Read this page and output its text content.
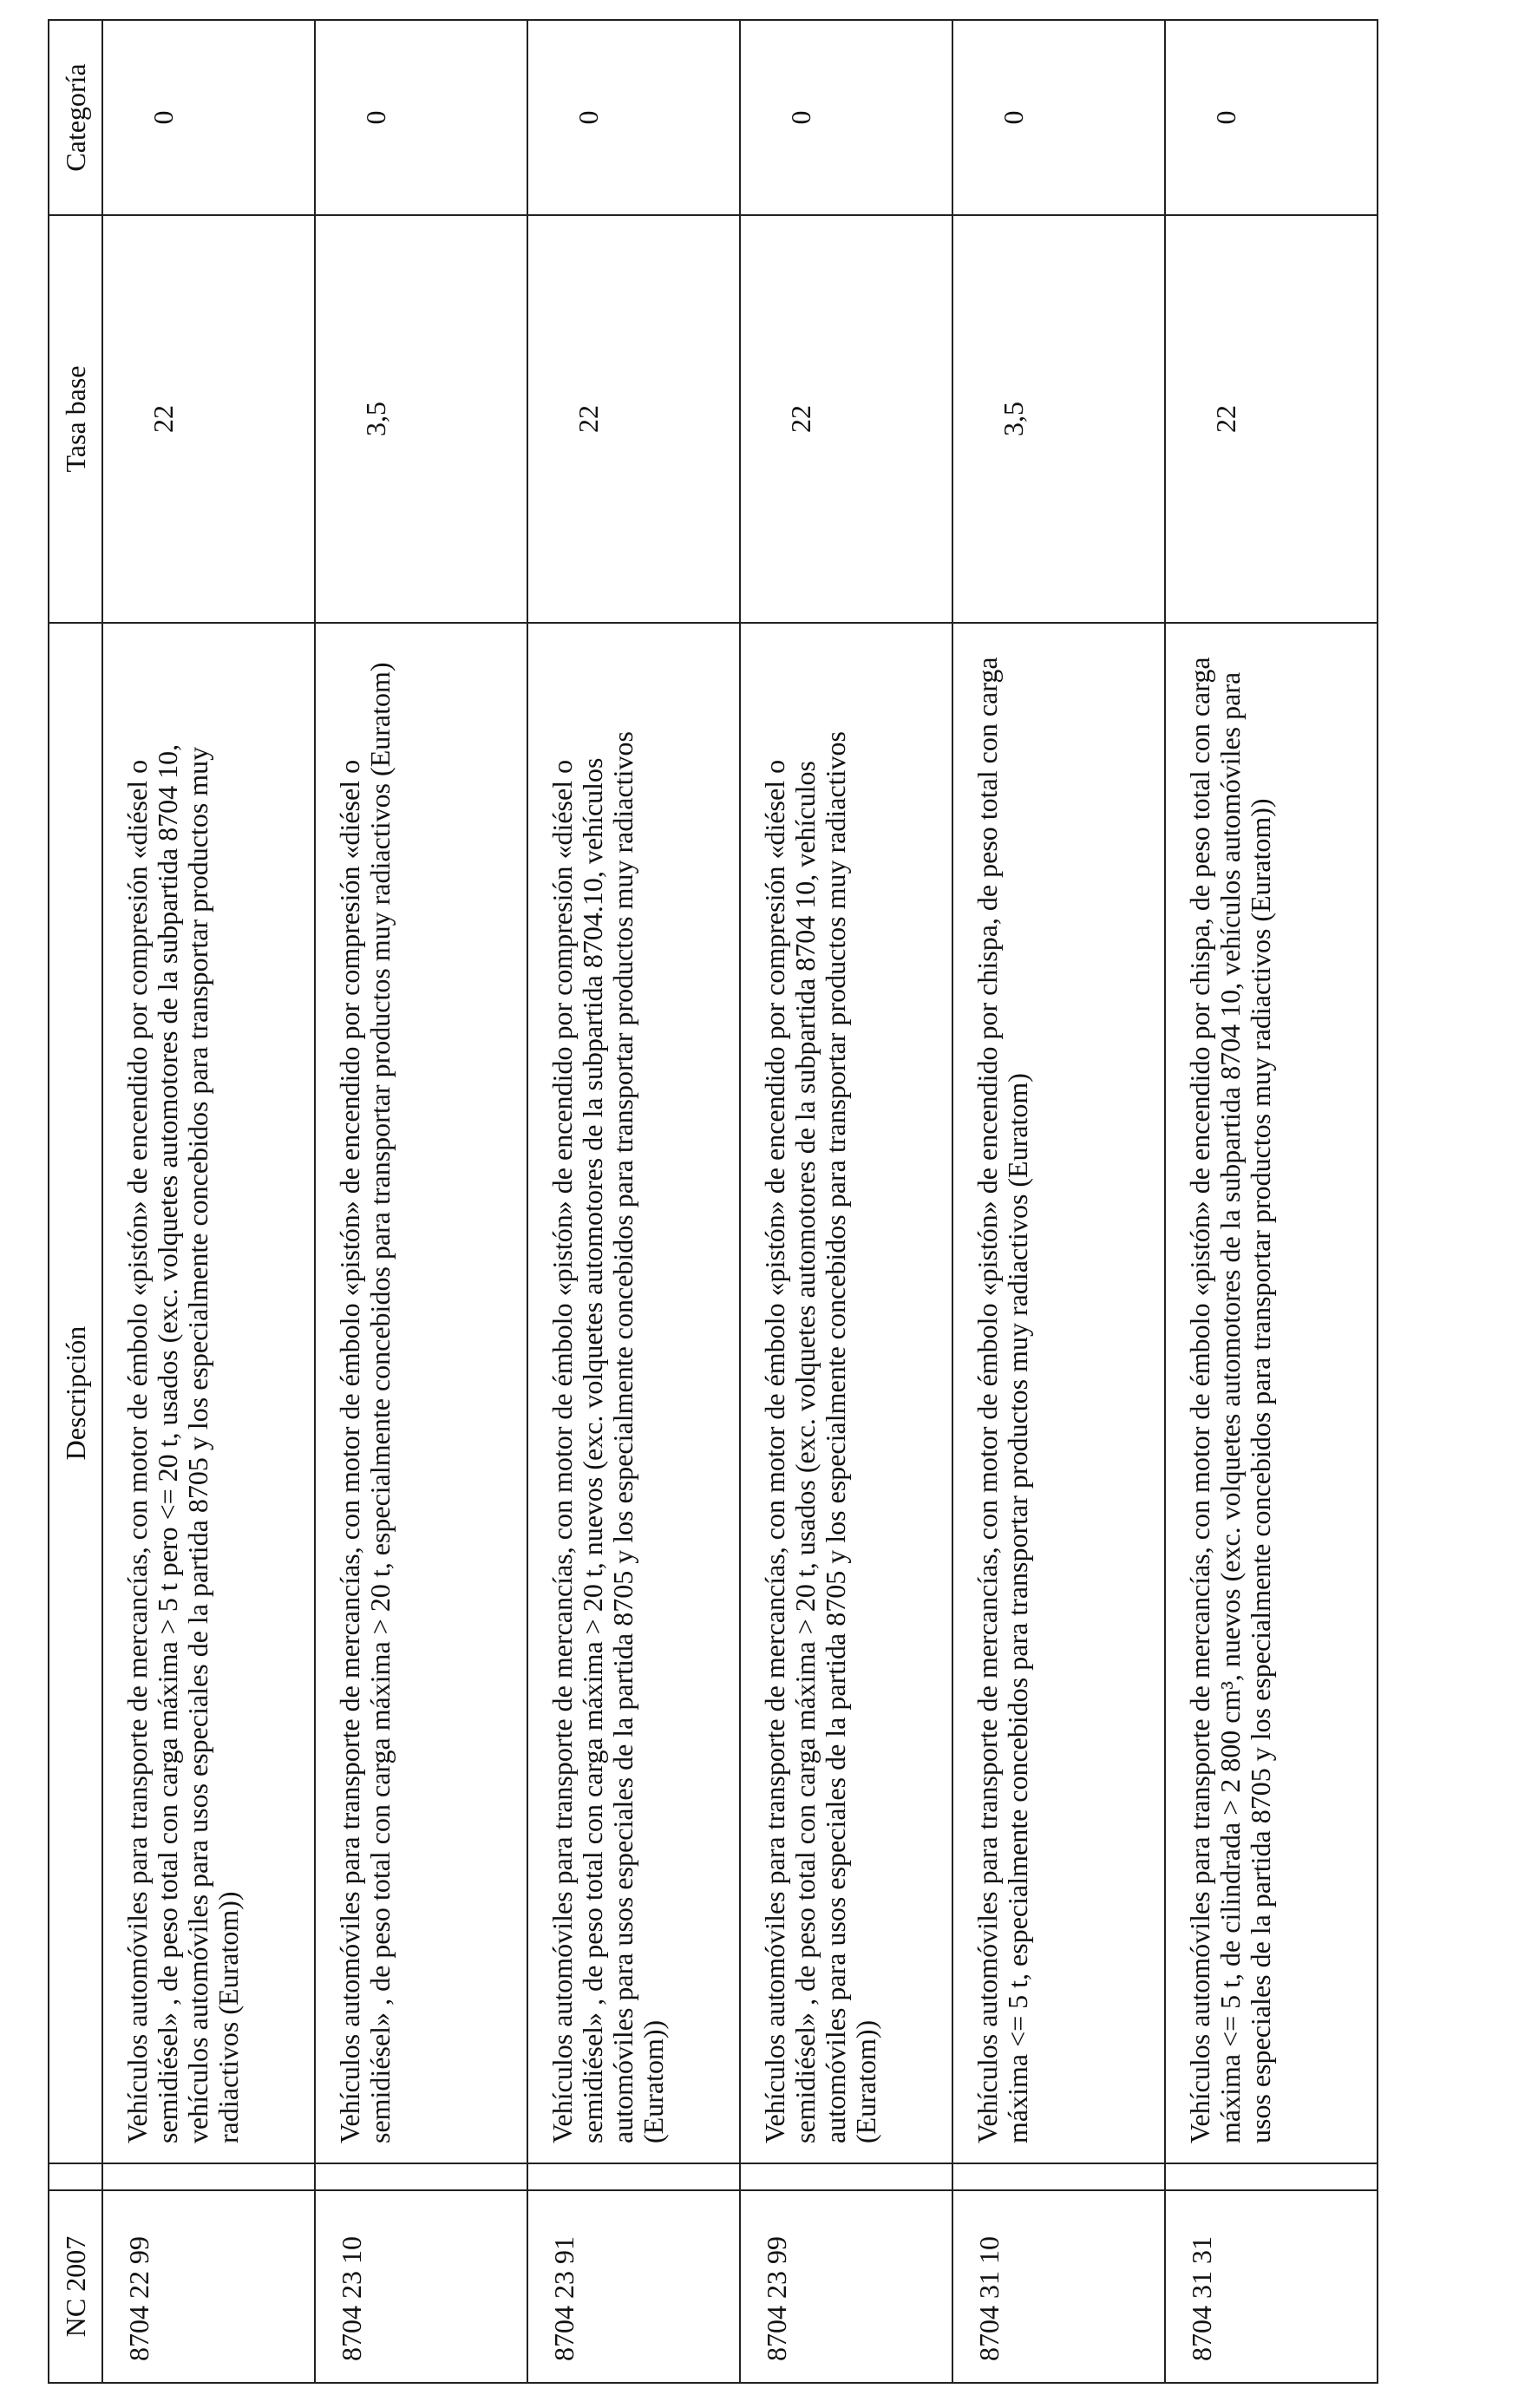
NC 2007		Descripción	Tasa base	Categoría
8704 22 99		Vehículos automóviles para transporte de mercancías, con motor de émbolo «pistón» de encendido por compresión «diésel o semidiésel» , de peso total con carga máxima > 5 t pero <= 20 t, usados (exc. volquetes automotores de la subpartida 8704 10, vehículos automóviles para usos especiales de la partida 8705 y los especialmente concebidos para transportar productos muy radiactivos (Euratom))	22	0
8704 23 10		Vehículos automóviles para transporte de mercancías, con motor de émbolo «pistón» de encendido por compresión «diésel o semidiésel» , de peso total con carga máxima > 20 t, especialmente concebidos para transportar productos muy radiactivos (Euratom)	3,5	0
8704 23 91		Vehículos automóviles para transporte de mercancías, con motor de émbolo «pistón» de encendido por compresión «diésel o semidiésel» , de peso total con carga máxima > 20 t, nuevos (exc. volquetes automotores de la subpartida 8704.10, vehículos automóviles para usos especiales de la partida 8705 y los especialmente concebidos para transportar productos muy radiactivos (Euratom))	22	0
8704 23 99		Vehículos automóviles para transporte de mercancías, con motor de émbolo «pistón» de encendido por compresión «diésel o semidiésel» , de peso total con carga máxima > 20 t, usados (exc. volquetes automotores de la subpartida 8704 10, vehículos automóviles para usos especiales de la partida 8705 y los especialmente concebidos para transportar productos muy radiactivos (Euratom))	22	0
8704 31 10		Vehículos automóviles para transporte de mercancías, con motor de émbolo «pistón» de encendido por chispa, de peso total con carga máxima <= 5 t, especialmente concebidos para transportar productos muy radiactivos (Euratom)	3,5	0
8704 31 31		Vehículos automóviles para transporte de mercancías, con motor de émbolo «pistón» de encendido por chispa, de peso total con carga máxima <= 5 t, de cilindrada > 2 800 cm³, nuevos (exc. volquetes automotores de la subpartida 8704 10, vehículos automóviles para usos especiales de la partida 8705 y los especialmente concebidos para transportar productos muy radiactivos (Euratom))	22	0
